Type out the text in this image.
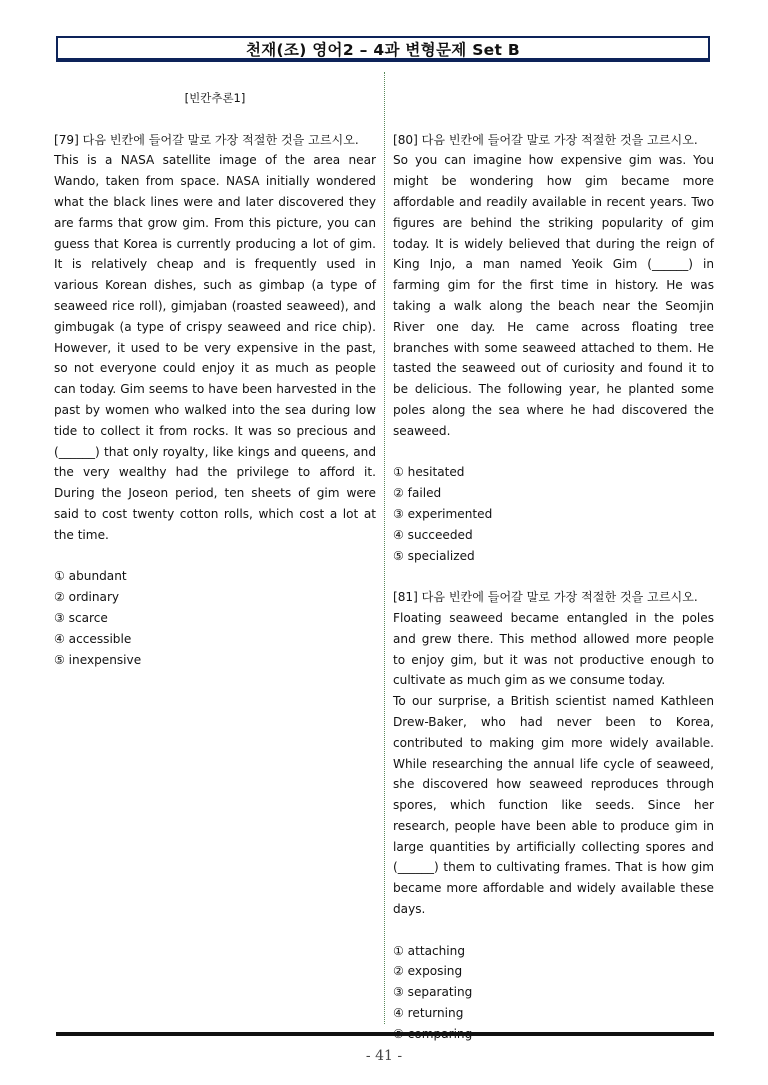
천재(조) 영어2 – 4과 변형문제 Set B
[빈칸추론1]
[79] 다음 빈칸에 들어갈 말로 가장 적절한 것을 고르시오.

This is a NASA satellite image of the area near Wando, taken from space. NASA initially wondered what the black lines were and later discovered they are farms that grow gim. From this picture, you can guess that Korea is currently producing a lot of gim. It is relatively cheap and is frequently used in various Korean dishes, such as gimbap (a type of seaweed rice roll), gimjaban (roasted seaweed), and gimbugak (a type of crispy seaweed and rice chip). However, it used to be very expensive in the past, so not everyone could enjoy it as much as people can today. Gim seems to have been harvested in the past by women who walked into the sea during low tide to collect it from rocks. It was so precious and (______) that only royalty, like kings and queens, and the very wealthy had the privilege to afford it. During the Joseon period, ten sheets of gim were said to cost twenty cotton rolls, which cost a lot at the time.

① abundant
② ordinary
③ scarce
④ accessible
⑤ inexpensive
[80] 다음 빈칸에 들어갈 말로 가장 적절한 것을 고르시오.

So you can imagine how expensive gim was. You might be wondering how gim became more affordable and readily available in recent years. Two figures are behind the striking popularity of gim today. It is widely believed that during the reign of King Injo, a man named Yeoik Gim (______) in farming gim for the first time in history. He was taking a walk along the beach near the Seomjin River one day. He came across floating tree branches with some seaweed attached to them. He tasted the seaweed out of curiosity and found it to be delicious. The following year, he planted some poles along the sea where he had discovered the seaweed.

① hesitated
② failed
③ experimented
④ succeeded
⑤ specialized
[81] 다음 빈칸에 들어갈 말로 가장 적절한 것을 고르시오.

Floating seaweed became entangled in the poles and grew there. This method allowed more people to enjoy gim, but it was not productive enough to cultivate as much gim as we consume today.

To our surprise, a British scientist named Kathleen Drew-Baker, who had never been to Korea, contributed to making gim more widely available. While researching the annual life cycle of seaweed, she discovered how seaweed reproduces through spores, which function like seeds. Since her research, people have been able to produce gim in large quantities by artificially collecting spores and (______) them to cultivating frames. That is how gim became more affordable and widely available these days.

① attaching
② exposing
③ separating
④ returning
- 41 -
